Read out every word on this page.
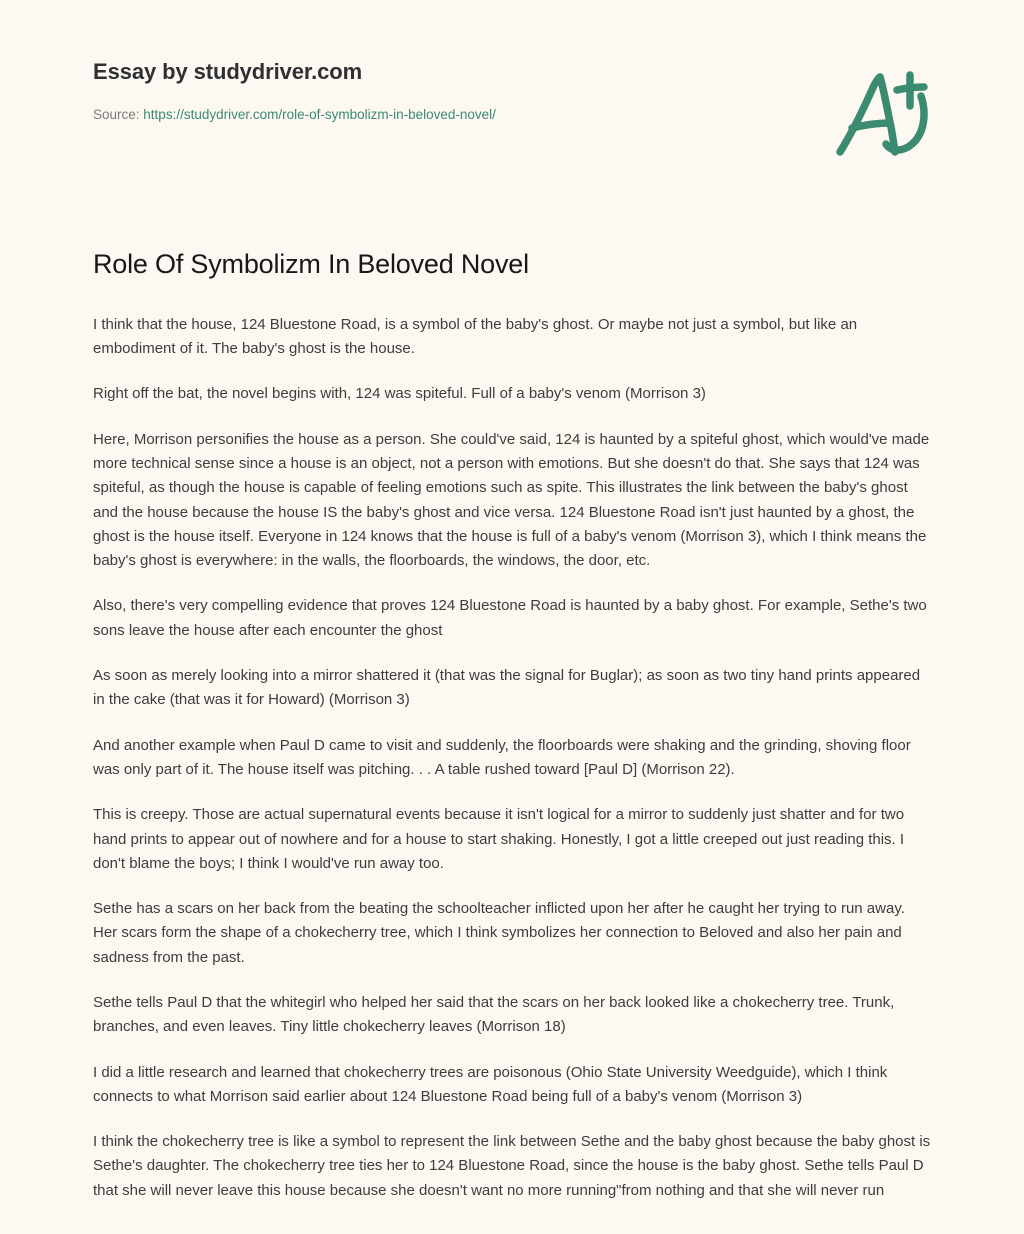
Essay by studydriver.com
Source: https://studydriver.com/role-of-symbolizm-in-beloved-novel/
Role Of Symbolizm In Beloved Novel

I think that the house, 124 Bluestone Road, is a symbol of the baby's ghost. Or maybe not just a symbol, but like an embodiment of it. The baby's ghost is the house.

Right off the bat, the novel begins with, 124 was spiteful. Full of a baby's venom (Morrison 3)

Here, Morrison personifies the house as a person. She could've said, 124 is haunted by a spiteful ghost, which would've made more technical sense since a house is an object, not a person with emotions. But she doesn't do that. She says that 124 was spiteful, as though the house is capable of feeling emotions such as spite. This illustrates the link between the baby's ghost and the house because the house IS the baby's ghost and vice versa. 124 Bluestone Road isn't just haunted by a ghost, the ghost is the house itself. Everyone in 124 knows that the house is full of a baby's venom (Morrison 3), which I think means the baby's ghost is everywhere: in the walls, the floorboards, the windows, the door, etc.

Also, there's very compelling evidence that proves 124 Bluestone Road is haunted by a baby ghost. For example, Sethe's two sons leave the house after each encounter the ghost

As soon as merely looking into a mirror shattered it (that was the signal for Buglar); as soon as two tiny hand prints appeared in the cake (that was it for Howard) (Morrison 3)

And another example when Paul D came to visit and suddenly, the floorboards were shaking and the grinding, shoving floor was only part of it. The house itself was pitching. . . A table rushed toward [Paul D] (Morrison 22).

This is creepy. Those are actual supernatural events because it isn't logical for a mirror to suddenly just shatter and for two hand prints to appear out of nowhere and for a house to start shaking. Honestly, I got a little creeped out just reading this. I don't blame the boys; I think I would've run away too.

Sethe has a scars on her back from the beating the schoolteacher inflicted upon her after he caught her trying to run away. Her scars form the shape of a chokecherry tree, which I think symbolizes her connection to Beloved and also her pain and sadness from the past.

Sethe tells Paul D that the whitegirl who helped her said that the scars on her back looked like a chokecherry tree. Trunk, branches, and even leaves. Tiny little chokecherry leaves (Morrison 18)

I did a little research and learned that chokecherry trees are poisonous (Ohio State University Weedguide), which I think connects to what Morrison said earlier about 124 Bluestone Road being full of a baby's venom (Morrison 3)

I think the chokecherry tree is like a symbol to represent the link between Sethe and the baby ghost because the baby ghost is Sethe's daughter. The chokecherry tree ties her to 124 Bluestone Road, since the house is the baby ghost. Sethe tells Paul D that she will never leave this house because she doesn't want no more running"from nothing and that she will never run
